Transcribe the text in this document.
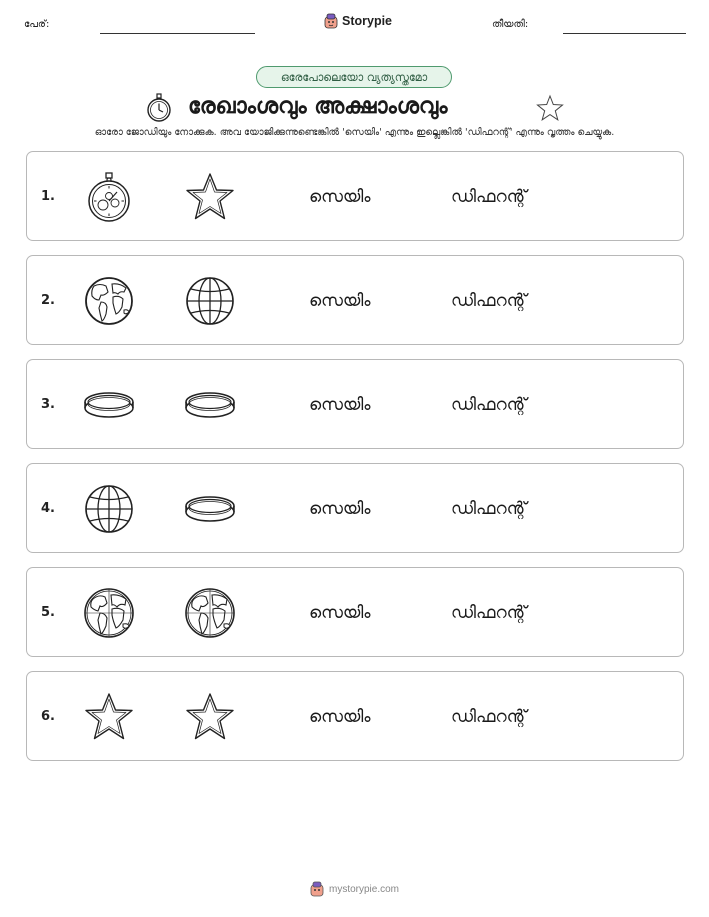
പേര്:	Storypie	തീയതി:
ഒരേപോലെയോ വ്യത്യസ്തമോ
രേഖാംശവും അക്ഷാംശവും
ഓരോ ജോഡിയും നോക്കുക. അവ യോജിക്കുന്നുണ്ടെങ്കിൽ 'സെയിം' എന്നും ഇല്ലെങ്കിൽ 'ഡിഫറന്റ്' എന്നും വൃത്തം ചെയ്യുക.
1.	സെയിം	ഡിഫറന്റ്
2.	സെയിം	ഡിഫറന്റ്
3.	സെയിം	ഡിഫറന്റ്
4.	സെയിം	ഡിഫറന്റ്
5.	സെയിം	ഡിഫറന്റ്
6.	സെയിം	ഡിഫറന്റ്
mystorypie.com
